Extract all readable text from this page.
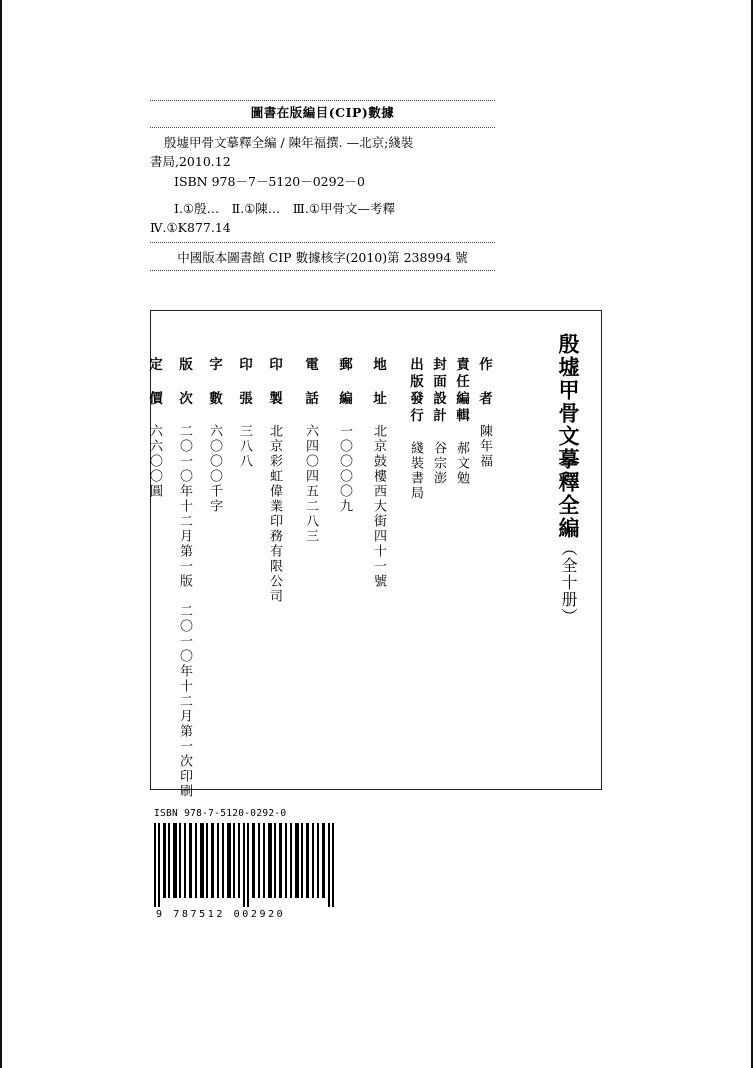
圖書在版編目(CIP)數據
殷墟甲骨文摹釋全編 / 陳年福撰. —北京;綫裝
書局,2010.12
ISBN 978－7－5120－0292－0
Ⅰ.①殷…　Ⅱ.①陳…　Ⅲ.①甲骨文—考釋
Ⅳ.①K877.14
中國版本圖書館 CIP 數據核字(2010)第 238994 號
殷墟甲骨文摹釋全編（全十册）
作　者陳年福
責任編輯郝文勉
封面設計谷宗澎
出版發行綫裝書局
地　址北京鼓樓西大街四十一號
郵　編一〇〇〇〇九
電　話六四〇四五二八三
印　製北京彩虹偉業印務有限公司
印　張三八八
字　數六〇〇〇千字
版　次二〇一〇年十二月第一版　二〇一〇年十二月第一次印刷
定　價六六〇〇圓
ISBN 978-7-5120-0292-0
9 787512 002920
